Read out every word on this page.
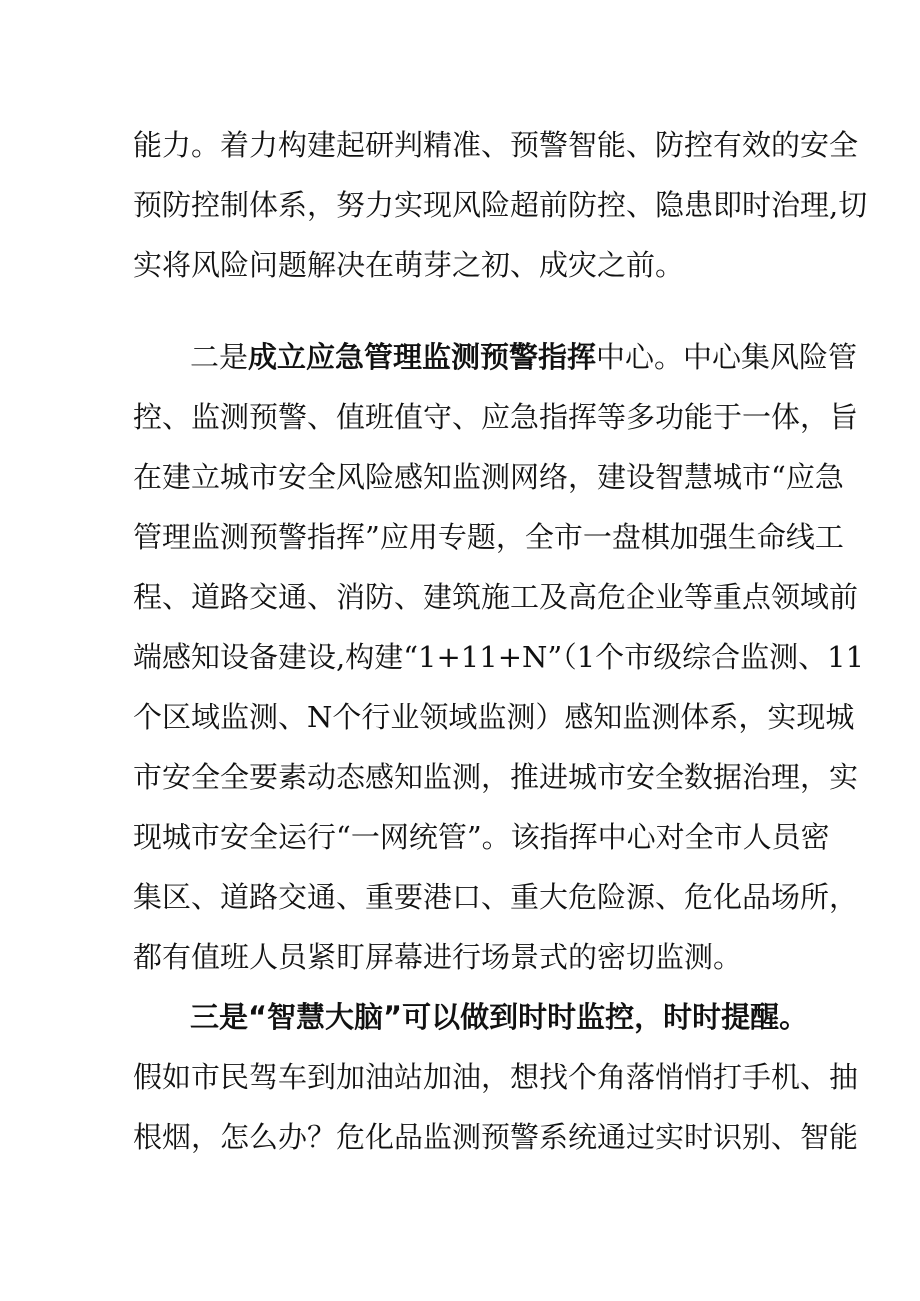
能力。着力构建起研判精准、预警智能、防控有效的安全
预防控制体系，努力实现风险超前防控、隐患即时治理,切
实将风险问题解决在萌芽之初、成灾之前。
二是成立应急管理监测预警指挥中心。中心集风险管
控、监测预警、值班值守、应急指挥等多功能于一体，旨
在建立城市安全风险感知监测网络，建设智慧城市“应急
管理监测预警指挥”应用专题，全市一盘棋加强生命线工
程、道路交通、消防、建筑施工及高危企业等重点领域前
端感知设备建设,构建“1+11+N”（1个市级综合监测、11
个区域监测、N个行业领域监测）感知监测体系，实现城
市安全全要素动态感知监测，推进城市安全数据治理，实
现城市安全运行“一网统管”。该指挥中心对全市人员密
集区、道路交通、重要港口、重大危险源、危化品场所，
都有值班人员紧盯屏幕进行场景式的密切监测。
三是“智慧大脑”可以做到时时监控，时时提醒。
假如市民驾车到加油站加油，想找个角落悄悄打手机、抽
根烟，怎么办？危化品监测预警系统通过实时识别、智能
